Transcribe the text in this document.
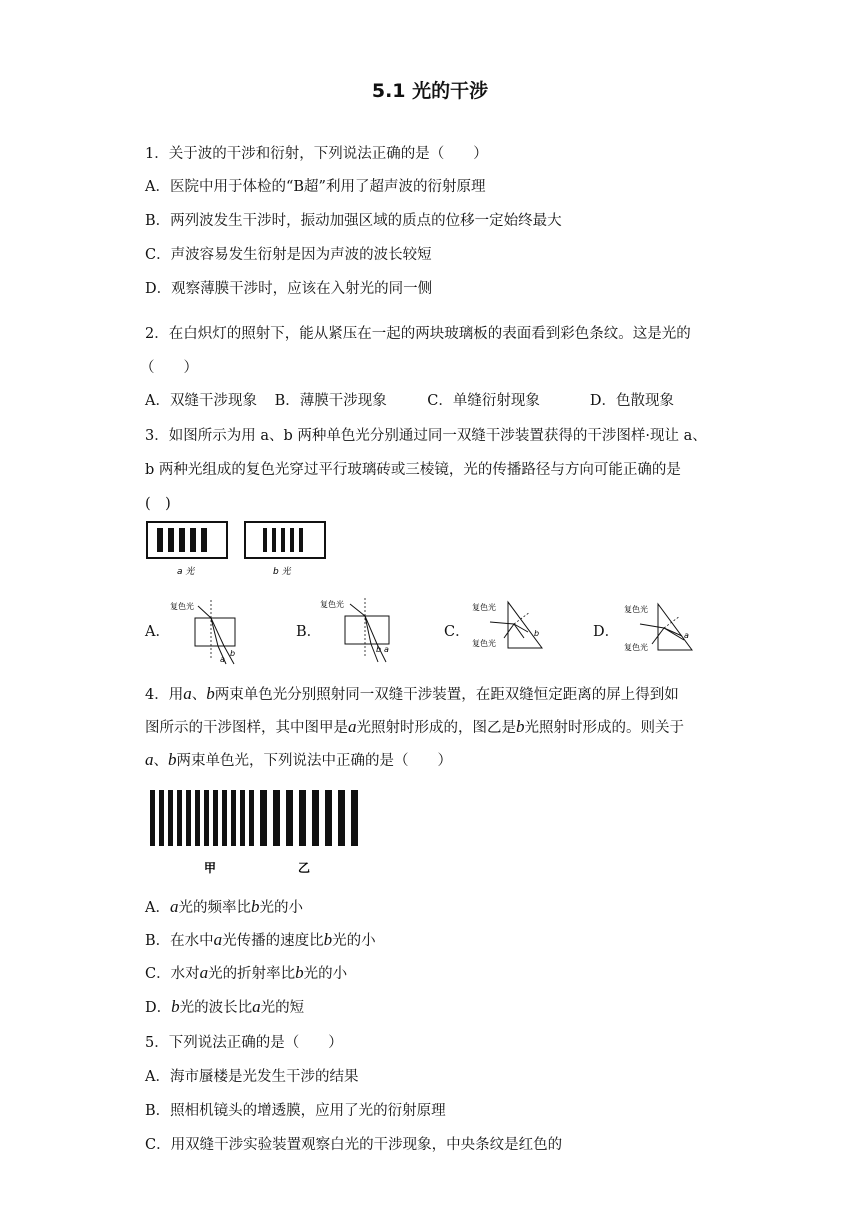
5.1 光的干涉
1．关于波的干涉和衍射，下列说法正确的是（　　）
A．医院中用于体检的“B超”利用了超声波的衍射原理
B．两列波发生干涉时，振动加强区域的质点的位移一定始终最大
C．声波容易发生衍射是因为声波的波长较短
D．观察薄膜干涉时，应该在入射光的同一侧
2．在白炽灯的照射下，能从紧压在一起的两块玻璃板的表面看到彩色条纹。这是光的
（　　）
A．双缝干涉现象 B．薄膜干涉现象	C．单缝衍射现象	D．色散现象
3．如图所示为用 a、b 两种单色光分别通过同一双缝干涉装置获得的干涉图样·现让 a、
b 两种光组成的复色光穿过平行玻璃砖或三棱镜，光的传播路径与方向可能正确的是
(　)
a 光	b 光
A．
复色光
a
b
B．
复色光
b a
C．
复色光
复色光
b	D．
复色光
复色光
a
4．用a、b两束单色光分别照射同一双缝干涉装置，在距双缝恒定距离的屏上得到如
图所示的干涉图样，其中图甲是a光照射时形成的，图乙是b光照射时形成的。则关于
a、b两束单色光，下列说法中正确的是（　　）
甲	乙
A．a光的频率比b光的小
B．在水中a光传播的速度比b光的小
C．水对a光的折射率比b光的小
D．b光的波长比a光的短
5．下列说法正确的是（　　）
A．海市蜃楼是光发生干涉的结果
B．照相机镜头的增透膜，应用了光的衍射原理
C．用双缝干涉实验装置观察白光的干涉现象，中央条纹是红色的
